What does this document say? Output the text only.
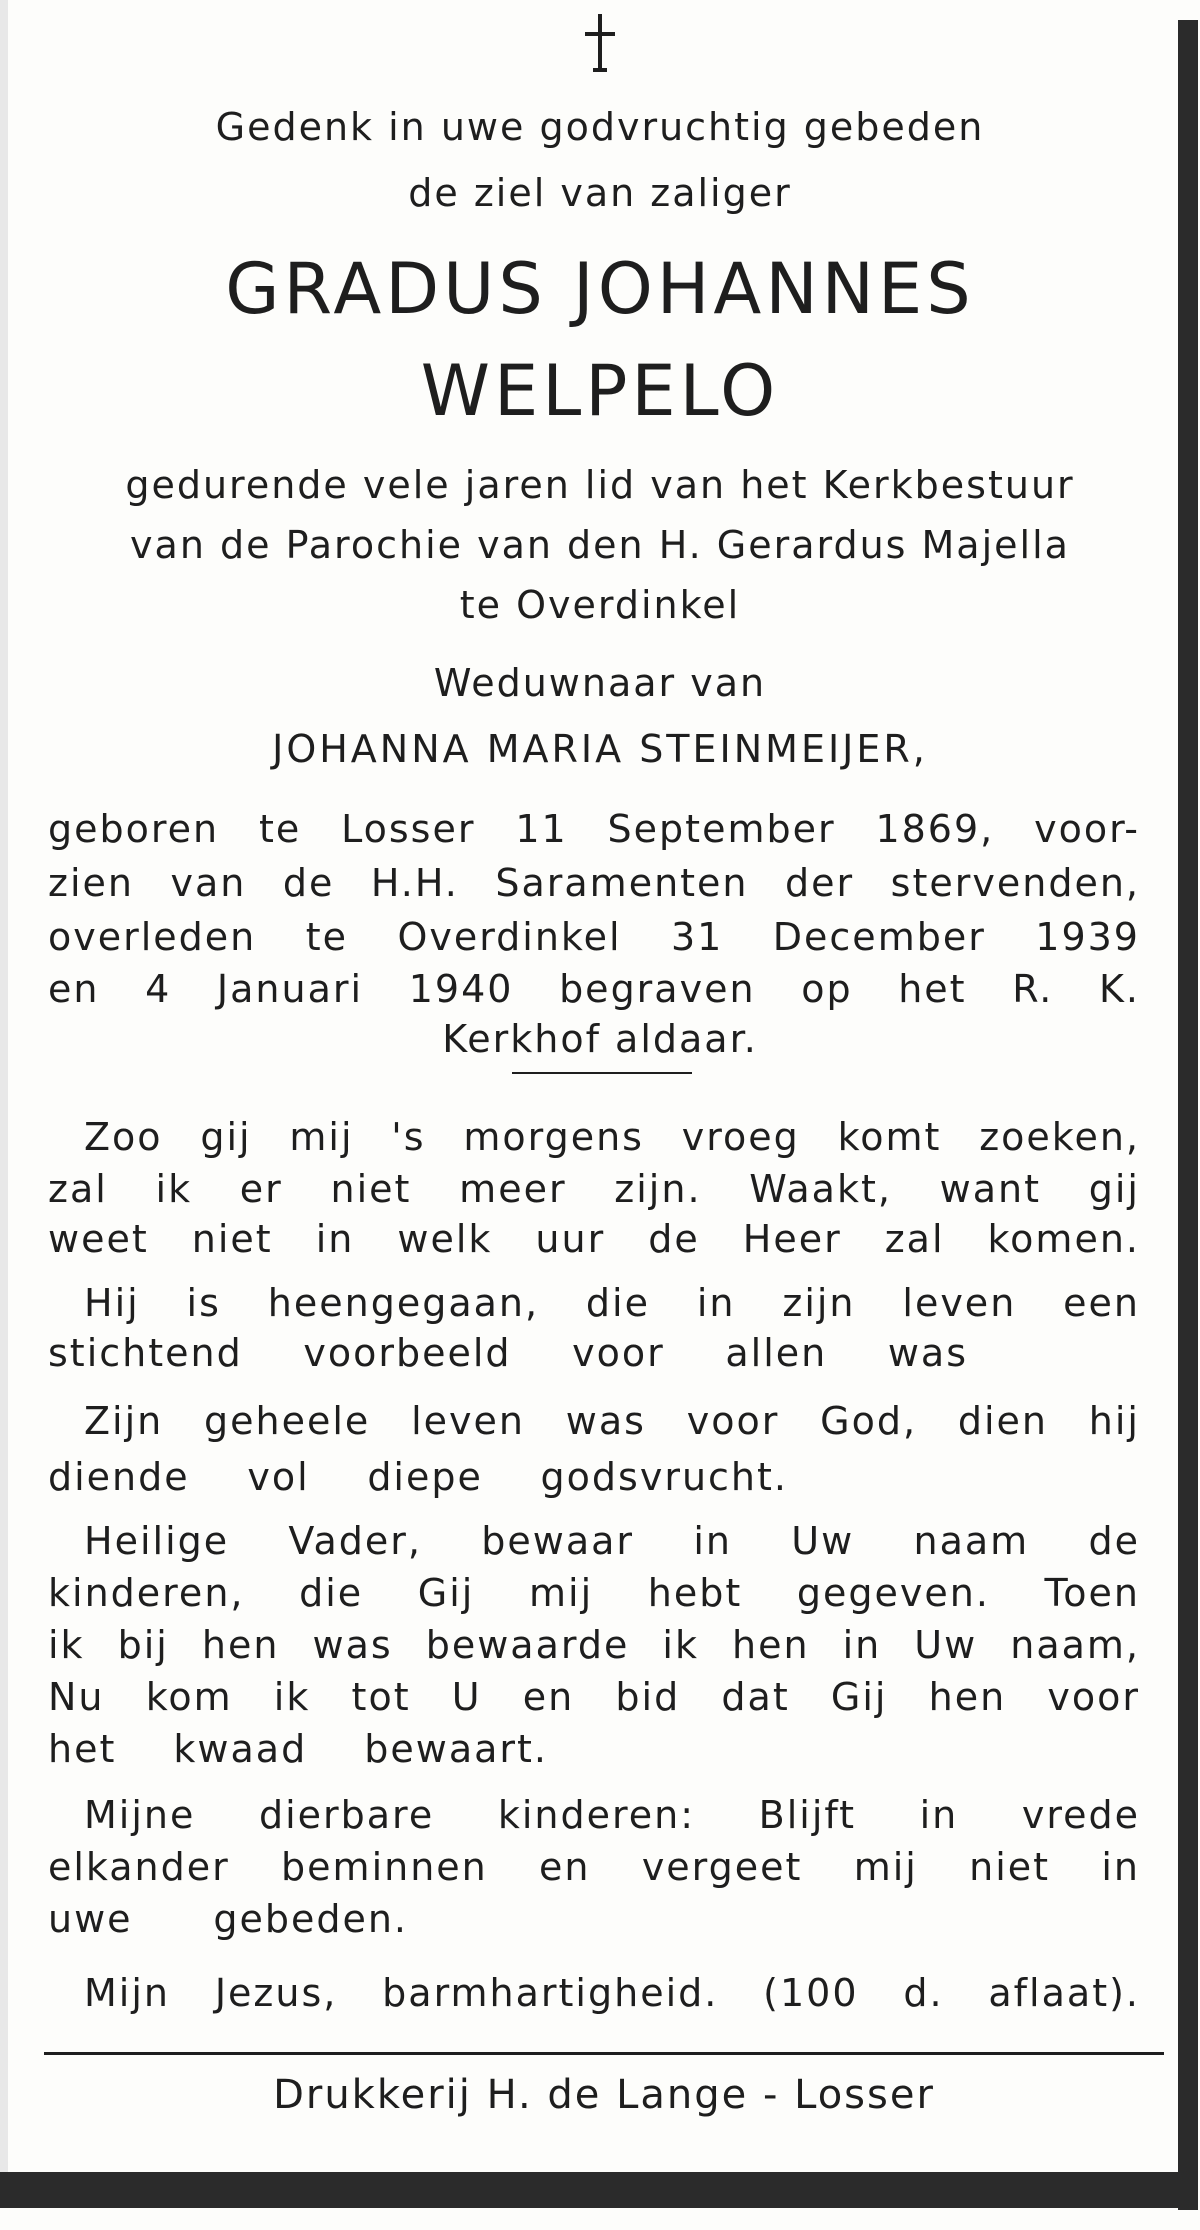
Gedenk in uwe godvruchtig gebeden
de ziel van zaliger
GRADUS JOHANNES
WELPELO
gedurende vele jaren lid van het Kerkbestuur
van de Parochie van den H. Gerardus Majella
te Overdinkel
Weduwnaar van
JOHANNA MARIA STEINMEIJER,
geboren te Losser 11 September 1869, voor-
zien van de H.H. Saramenten der stervenden,
overleden te Overdinkel 31 December 1939
en 4 Januari 1940 begraven op het R. K.
Kerkhof aldaar.
Zoo gij mij 's morgens vroeg komt zoeken,
zal ik er niet meer zijn. Waakt, want gij
weet niet in welk uur de Heer zal komen.
Hij is heengegaan, die in zijn leven een
stichtend voorbeeld voor allen was
Zijn geheele leven was voor God, dien hij
diende vol diepe godsvrucht.
Heilige Vader, bewaar in Uw naam de
kinderen, die Gij mij hebt gegeven. Toen
ik bij hen was bewaarde ik hen in Uw naam,
Nu kom ik tot U en bid dat Gij hen voor
het kwaad bewaart.
Mijne dierbare kinderen: Blijft in vrede
elkander beminnen en vergeet mij niet in
uwe gebeden.
Mijn Jezus, barmhartigheid. (100 d. aflaat).
Drukkerij H. de Lange - Losser
